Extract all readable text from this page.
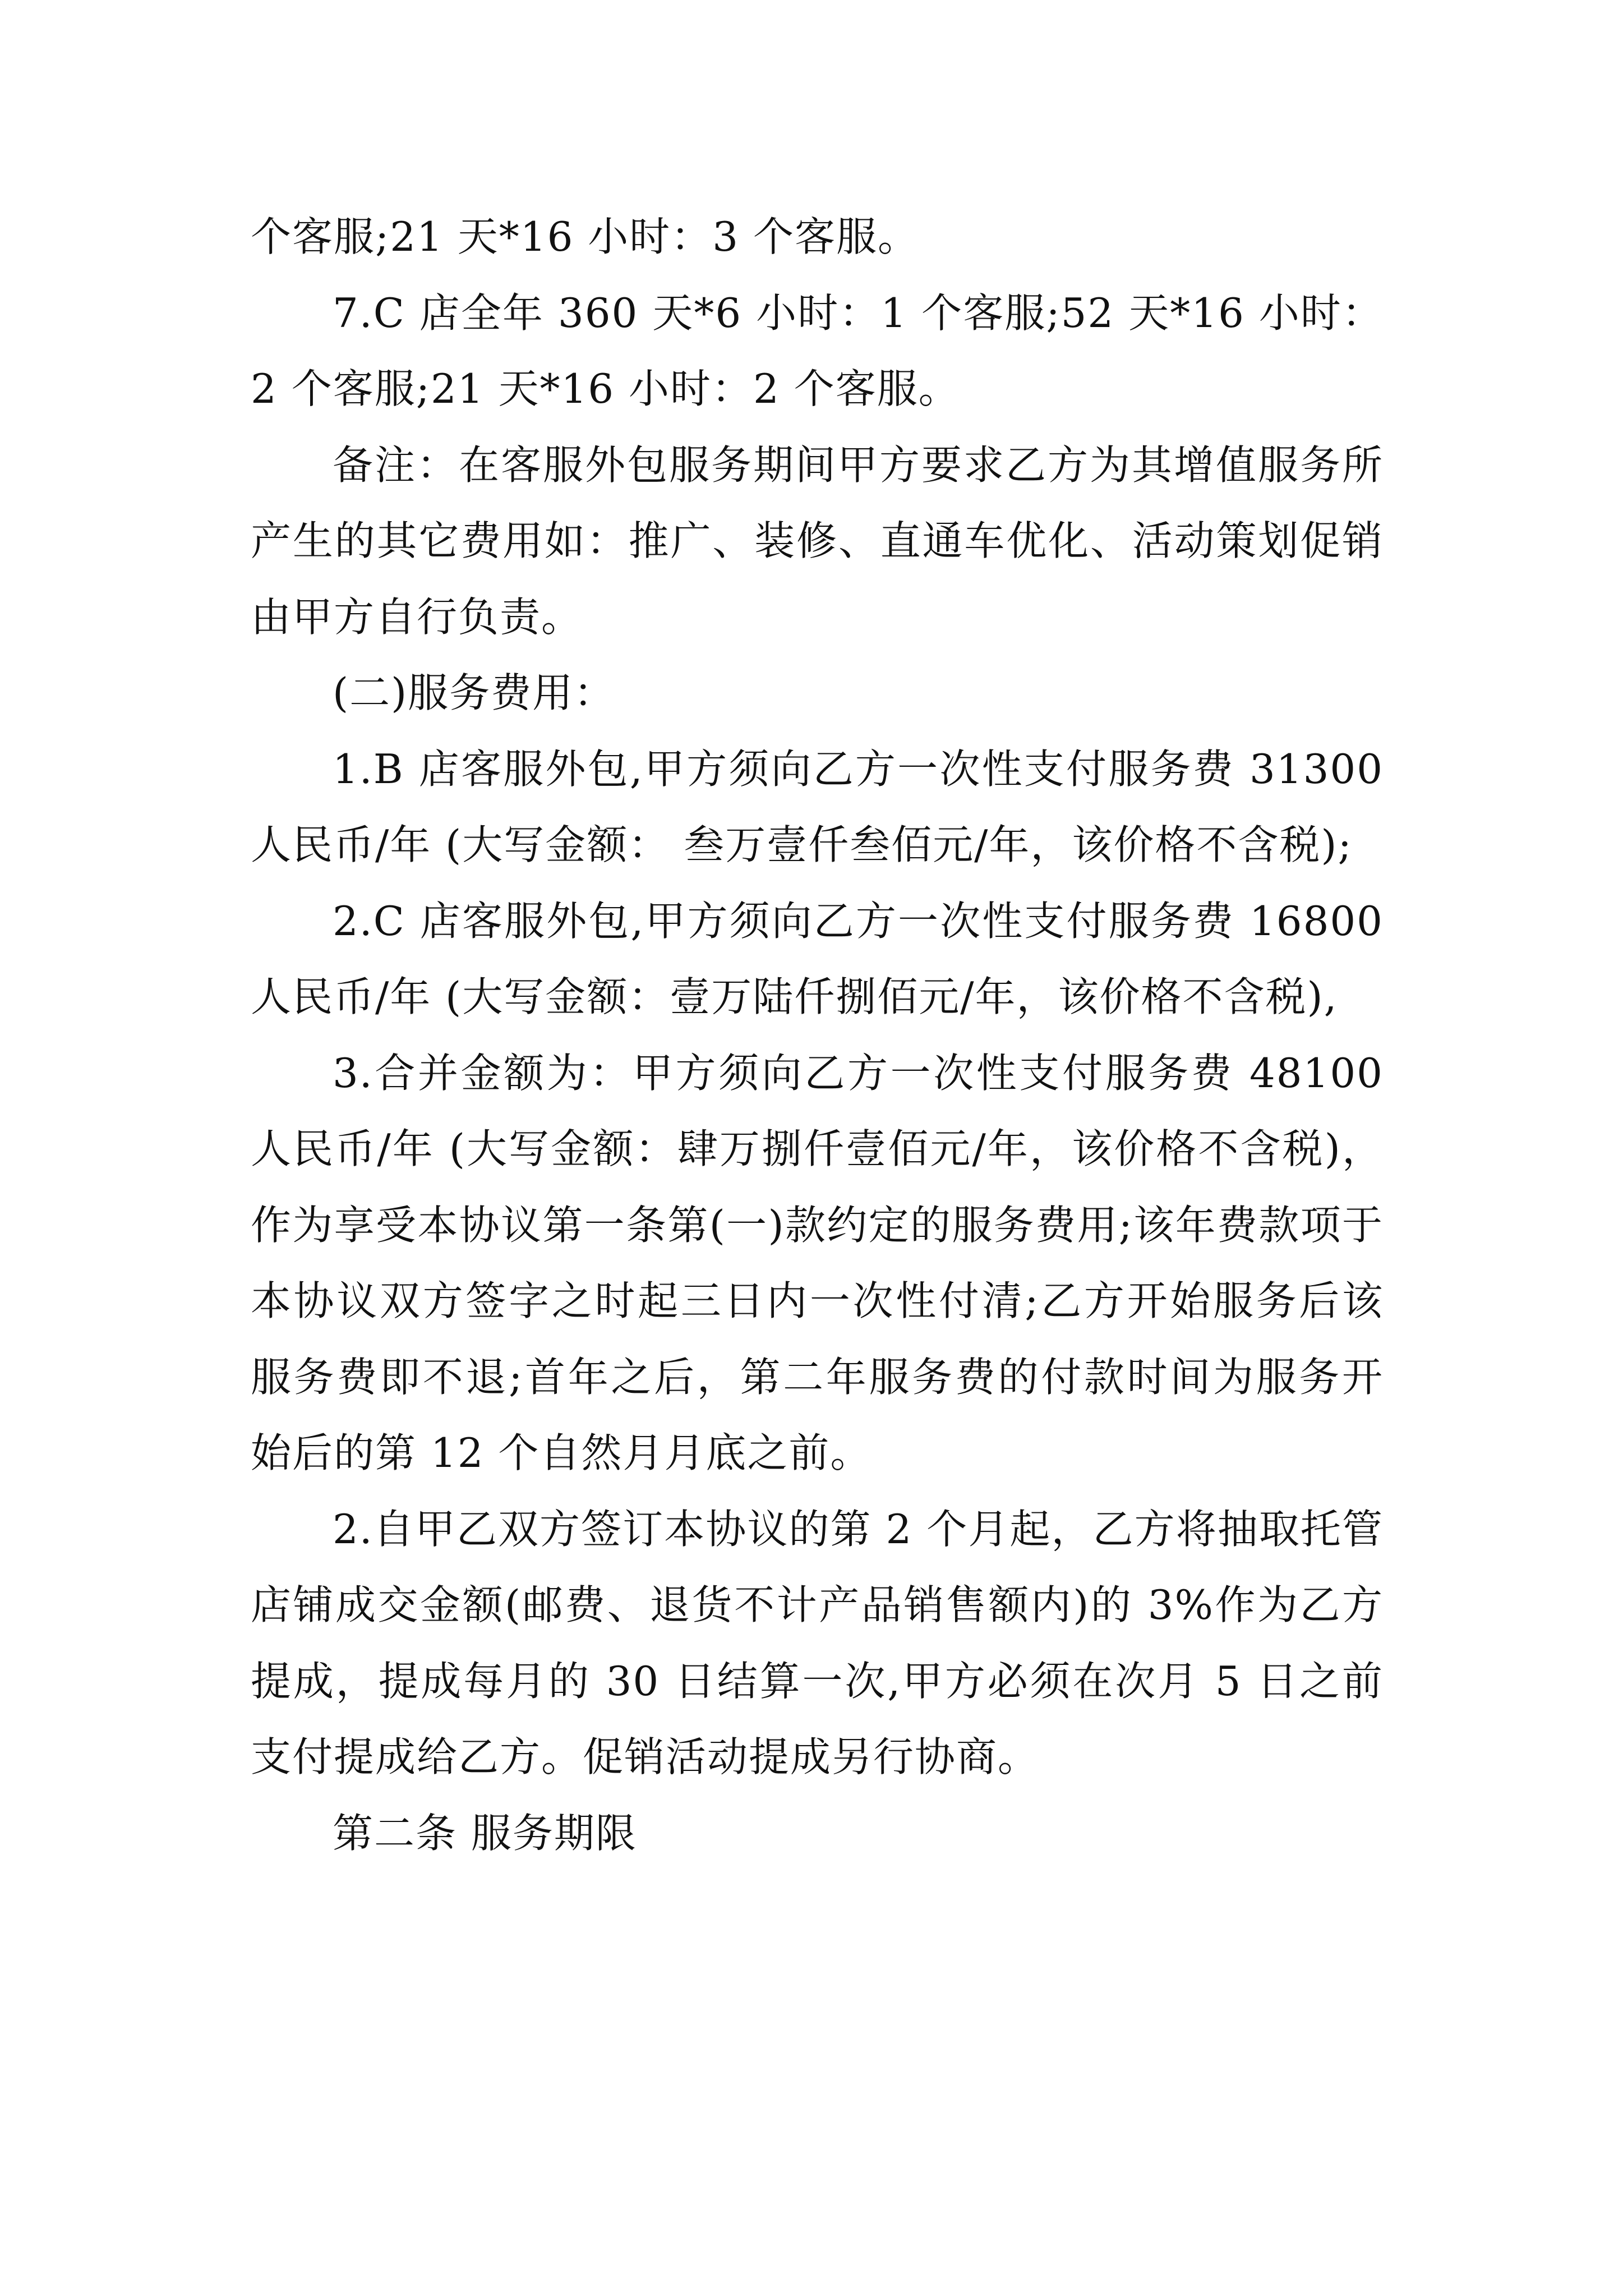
个客服;21 天*16 小时：3 个客服。

7.C 店全年 360 天*6 小时：1 个客服;52 天*16 小时：2 个客服;21 天*16 小时：2 个客服。

备注：在客服外包服务期间甲方要求乙方为其增值服务所产生的其它费用如：推广、装修、直通车优化、活动策划促销由甲方自行负责。

(二)服务费用：

1.B 店客服外包,甲方须向乙方一次性支付服务费 31300 人民币/年 (大写金额： 叁万壹仟叁佰元/年，该价格不含税);

2.C 店客服外包,甲方须向乙方一次性支付服务费 16800 人民币/年 (大写金额：壹万陆仟捌佰元/年，该价格不含税),

3.合并金额为：甲方须向乙方一次性支付服务费 48100 人民币/年 (大写金额：肆万捌仟壹佰元/年，该价格不含税)，作为享受本协议第一条第(一)款约定的服务费用;该年费款项于本协议双方签字之时起三日内一次性付清;乙方开始服务后该服务费即不退;首年之后，第二年服务费的付款时间为服务开始后的第 12 个自然月月底之前。

2.自甲乙双方签订本协议的第 2 个月起，乙方将抽取托管店铺成交金额(邮费、退货不计产品销售额内)的 3%作为乙方提成，提成每月的 30 日结算一次,甲方必须在次月 5 日之前支付提成给乙方。促销活动提成另行协商。

第二条 服务期限
